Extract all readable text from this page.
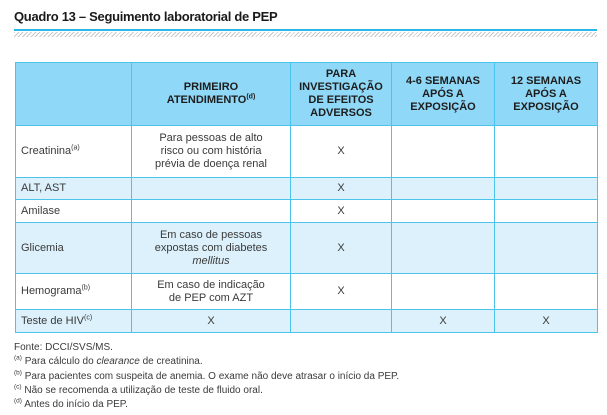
Quadro 13 – Seguimento laboratorial de PEP
	PRIMEIRO ATENDIMENTO$^{(d)}$	PARA INVESTIGAÇÃO DE EFEITOS ADVERSOS	4-6 SEMANAS APÓS A EXPOSIÇÃO	12 SEMANAS APÓS A EXPOSIÇÃO
Creatinina$^{(a)}$	Para pessoas de alto risco ou com história prévia de doença renal	X		
ALT, AST		X		
Amilase		X		
Glicemia	Em caso de pessoas expostas com diabetes mellitus	X		
Hemograma$^{(b)}$	Em caso de indicação de PEP com AZT	X		
Teste de HIV$^{(c)}$	X		X	X
Fonte: DCCI/SVS/MS.
$^{(a)}$ Para cálculo do clearance de creatinina.
$^{(b)}$ Para pacientes com suspeita de anemia. O exame não deve atrasar o início da PEP.
$^{(c)}$ Não se recomenda a utilização de teste de fluido oral.
$^{(d)}$ Antes do início da PEP.
